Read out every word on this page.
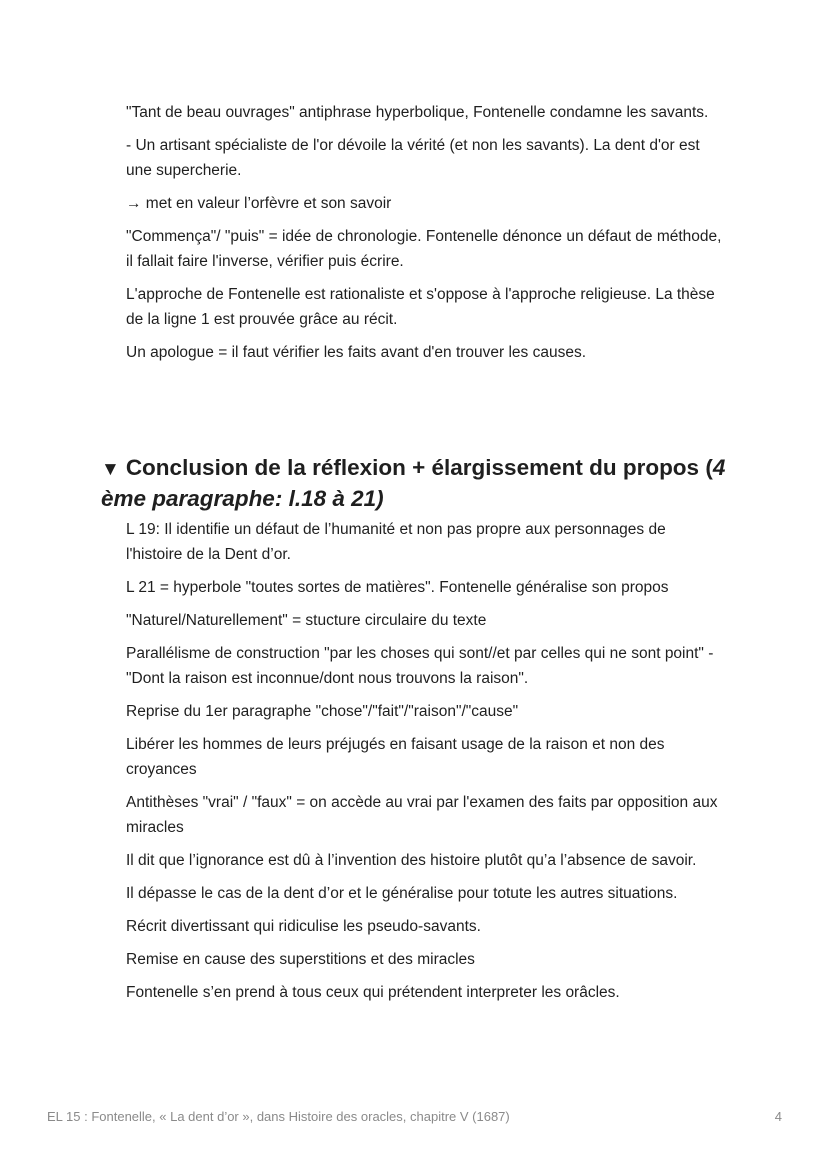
"Tant de beau ouvrages" antiphrase hyperbolique, Fontenelle condamne les savants.

- Un artisant spécialiste de l'or dévoile la vérité (et non les savants). La dent d'or est une supercherie.

→ met en valeur l’orfèvre et son savoir

"Commença"/ "puis" = idée de chronologie. Fontenelle dénonce un défaut de méthode, il fallait faire l'inverse, vérifier puis écrire.

L'approche de Fontenelle est rationaliste et s'oppose à l'approche religieuse. La thèse de la ligne 1 est prouvée grâce au récit.

Un apologue = il faut vérifier les faits avant d'en trouver les causes.

▼ Conclusion de la réflexion + élargissement du propos (4 ème paragraphe: l.18 à 21)

L 19: Il identifie un défaut de l’humanité et non pas propre aux personnages de l'histoire de la Dent d’or.

L 21 = hyperbole "toutes sortes de matières". Fontenelle généralise son propos

"Naturel/Naturellement" = stucture circulaire du texte

Parallélisme de construction "par les choses qui sont//et par celles qui ne sont point" - "Dont la raison est inconnue/dont nous trouvons la raison".

Reprise du 1er paragraphe "chose"/"fait"/"raison"/"cause"

Libérer les hommes de leurs préjugés en faisant usage de la raison et non des croyances

Antithèses "vrai" / "faux" = on accède au vrai par l'examen des faits par opposition aux miracles

Il dit que l’ignorance est dû à l’invention des histoire plutôt qu’a l’absence de savoir.

Il dépasse le cas de la dent d’or et le généralise pour totute les autres situations.

Récrit divertissant qui ridiculise les pseudo-savants.

Remise en cause des superstitions et des miracles

Fontenelle s’en prend à tous ceux qui prétendent interpreter les orâcles.

EL 15 : Fontenelle, « La dent d’or », dans Histoire des oracles, chapitre V (1687)	4
